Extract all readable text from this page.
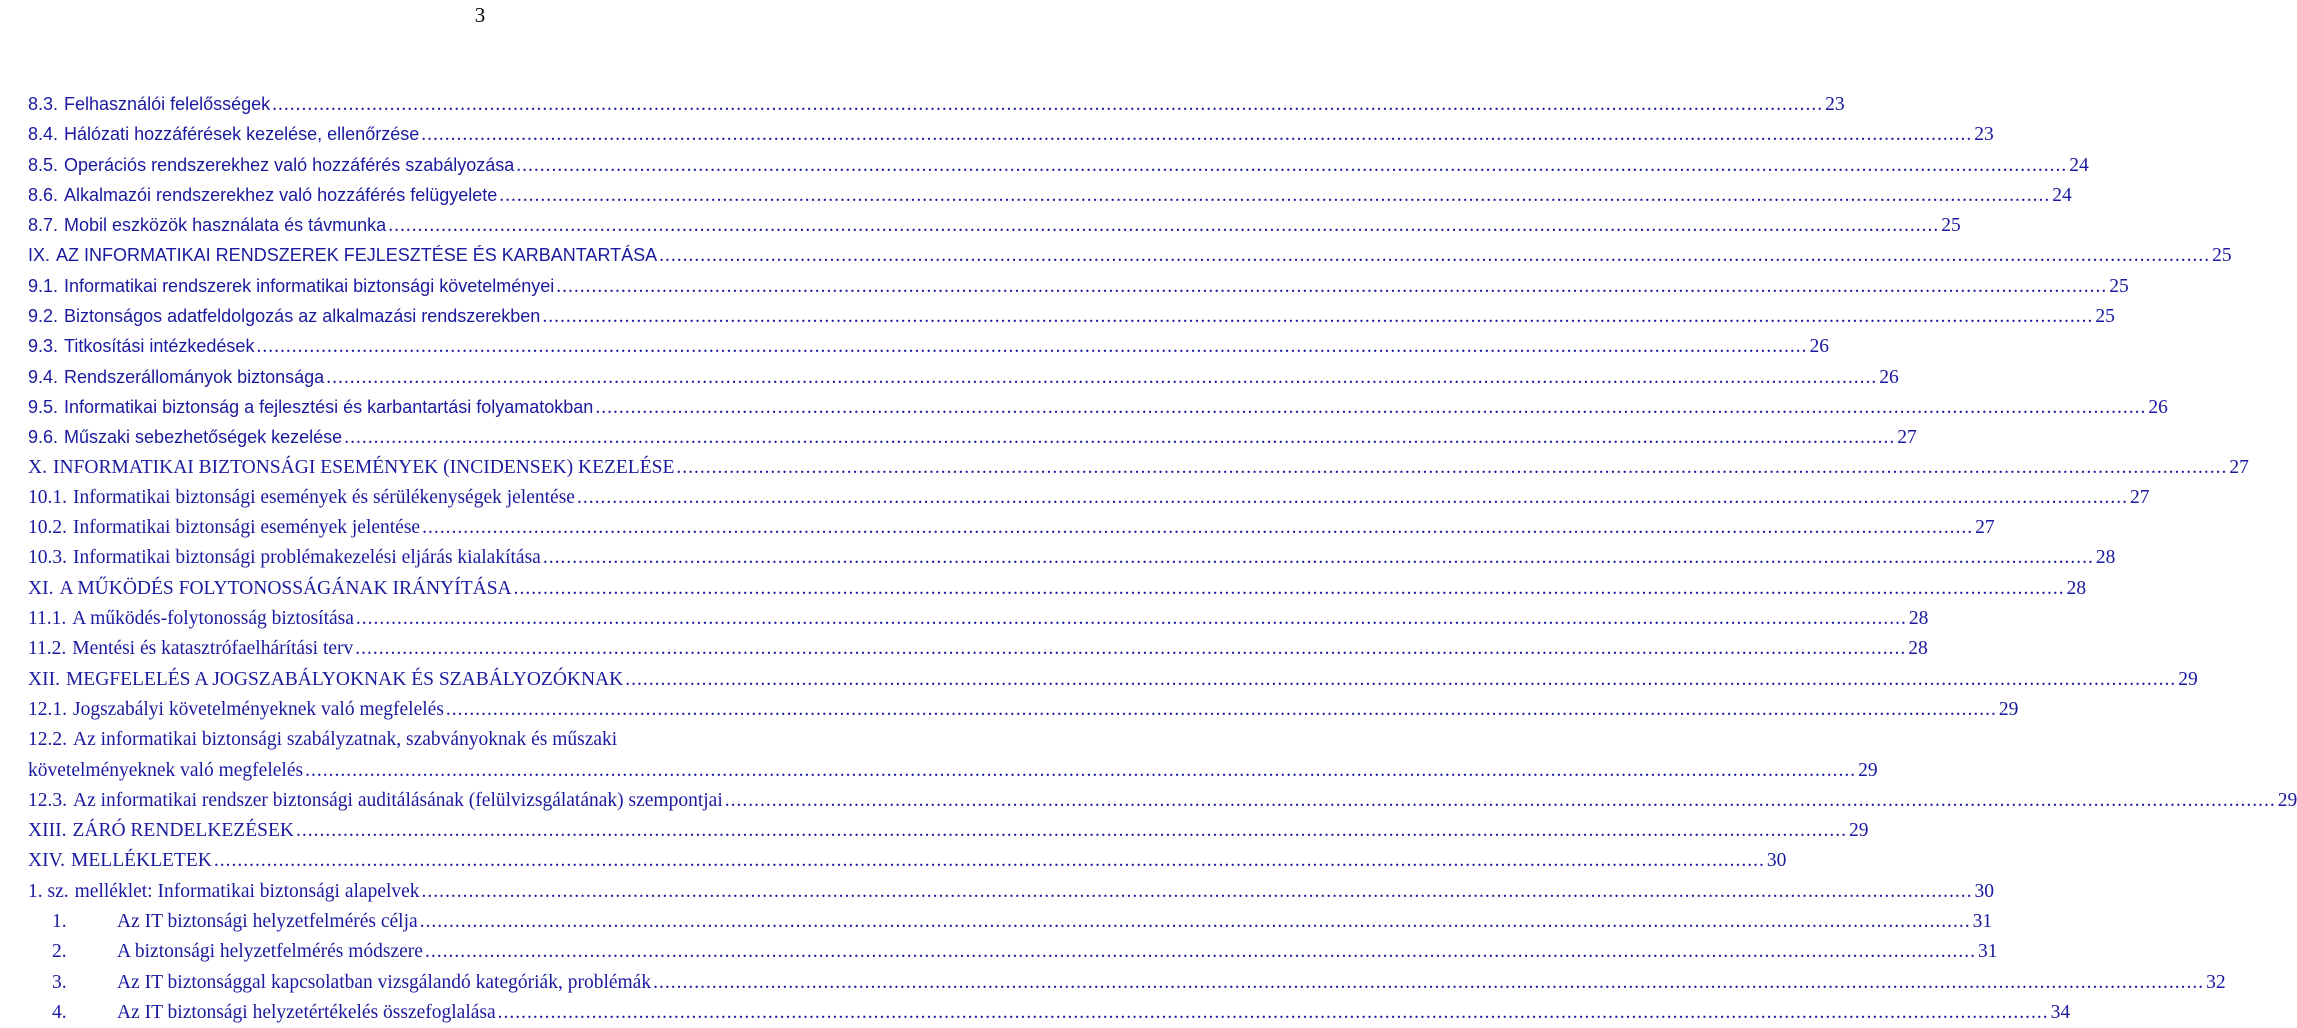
3
8.3. Felhasználói felelősségek .....	23
8.4. Hálózati hozzáférések kezelése, ellenőrzése .....	23
8.5. Operációs rendszerekhez való hozzáférés szabályozása .....	24
8.6. Alkalmazói rendszerekhez való hozzáférés felügyelete .....	24
8.7. Mobil eszközök használata és távmunka .....	25
IX. AZ INFORMATIKAI RENDSZEREK FEJLESZTÉSE ÉS KARBANTARTÁSA .....	25
9.1. Informatikai rendszerek informatikai biztonsági követelményei .....	25
9.2. Biztonságos adatfeldolgozás az alkalmazási rendszerekben .....	25
9.3. Titkosítási intézkedések .....	26
9.4. Rendszerállományok biztonsága .....	26
9.5. Informatikai biztonság a fejlesztési és karbantartási folyamatokban .....	26
9.6. Műszaki sebezhetőségek kezelése .....	27
X. INFORMATIKAI BIZTONSÁGI ESEMÉNYEK (INCIDENSEK) KEZELÉSE .....	27
10.1. Informatikai biztonsági események és sérülékenységek jelentése .....	27
10.2. Informatikai biztonsági események jelentése .....	27
10.3. Informatikai biztonsági problémakezelési eljárás kialakítása .....	28
XI. A MŰKÖDÉS FOLYTONOSSÁGÁNAK IRÁNYÍTÁSA .....	28
11.1. A működés-folytonosság biztosítása .....	28
11.2. Mentési és katasztrófaelhárítási terv .....	28
XII. MEGFELELÉS A JOGSZABÁLYOKNAK ÉS SZABÁLYOZÓKNAK .....	29
12.1. Jogszabályi követelményeknek való megfelelés .....	29
12.2. Az informatikai biztonsági szabályzatnak, szabványoknak és műszaki
követelményeknek való megfelelés .....	29
12.3. Az informatikai rendszer biztonsági auditálásának (felülvizsgálatának) szempontjai .....	29
XIII. ZÁRÓ RENDELKEZÉSEK .....	29
XIV. MELLÉKLETEK .....	30
1. sz. melléklet: Informatikai biztonsági alapelvek .....	30
1.	Az IT biztonsági helyzetfelmérés célja .....	31
2.	A biztonsági helyzetfelmérés módszere .....	31
3.	Az IT biztonsággal kapcsolatban vizsgálandó kategóriák, problémák .....	32
4.	Az IT biztonsági helyzetértékelés összefoglalása .....	34
